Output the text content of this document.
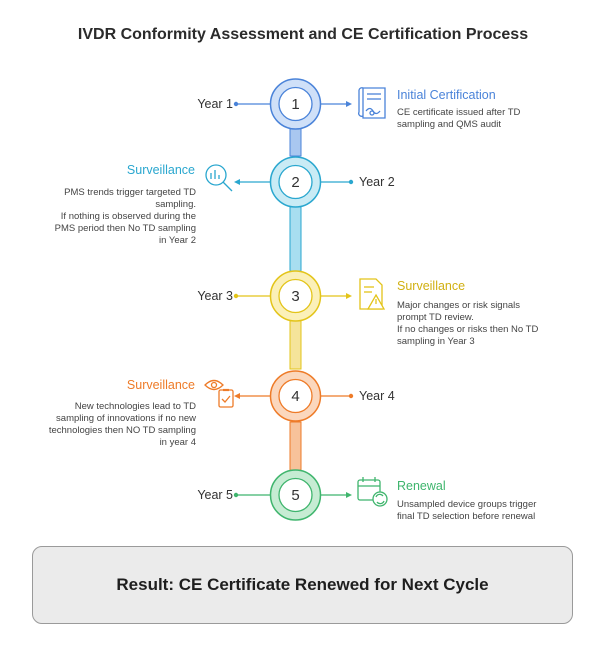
IVDR Conformity Assessment and CE Certification Process
1
2
3
4
5
Year 1
Initial Certification
CE certificate issued after TD
sampling and QMS audit
Surveillance
PMS trends trigger targeted TD
sampling.
If nothing is observed during the
PMS period then No TD sampling
in Year 2
Year 2
Year 3
Surveillance
Major changes or risk signals
prompt TD review.
If no changes or risks then No TD
sampling in Year 3
Surveillance
New technologies lead to TD
sampling of innovations if no new
technologies then NO TD sampling
in year 4
Year 4
Year 5
Renewal
Unsampled device groups trigger
final TD selection before renewal
Result: CE Certificate Renewed for Next Cycle
